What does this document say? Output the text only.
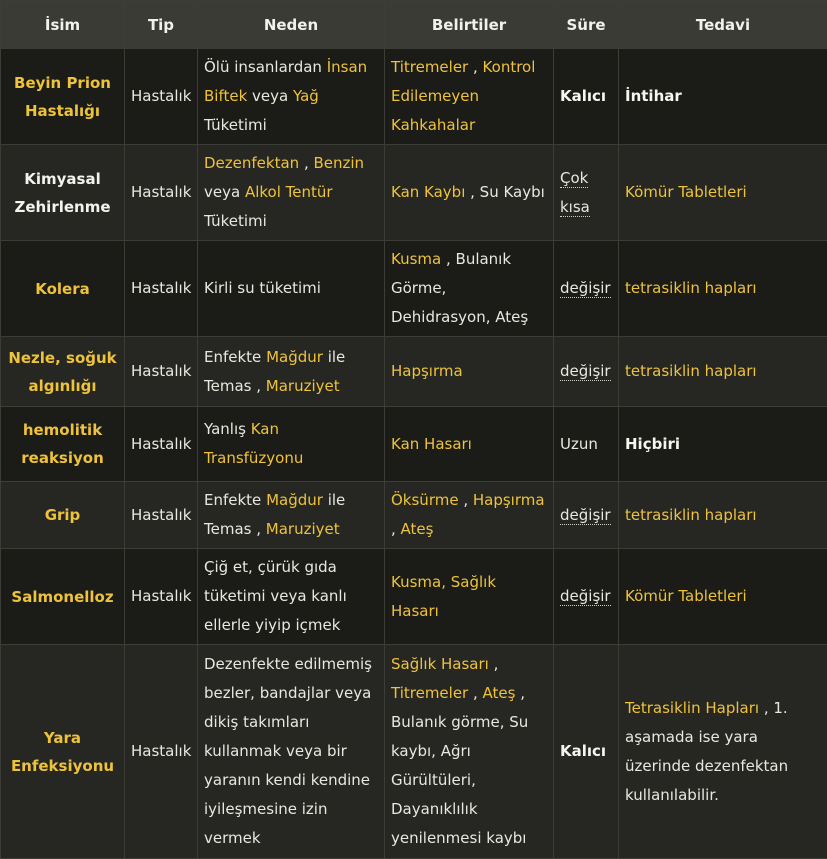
İsim	Tip	Neden	Belirtiler	Süre	Tedavi
Beyin Prion Hastalığı	Hastalık	Ölü insanlardan İnsan Biftek veya Yağ Tüketimi	Titremeler , Kontrol Edilemeyen Kahkahalar	Kalıcı	İntihar
Kimyasal Zehirlenme	Hastalık	Dezenfektan , Benzin veya Alkol Tentür Tüketimi	Kan Kaybı , Su Kaybı	Çok kısa	Kömür Tabletleri
Kolera	Hastalık	Kirli su tüketimi	Kusma , Bulanık Görme, Dehidrasyon, Ateş	değişir	tetrasiklin hapları
Nezle, soğuk algınlığı	Hastalık	Enfekte Mağdur ile Temas , Maruziyet	Hapşırma	değişir	tetrasiklin hapları
hemolitik reaksiyon	Hastalık	Yanlış Kan Transfüzyonu	Kan Hasarı	Uzun	Hiçbiri
Grip	Hastalık	Enfekte Mağdur ile Temas , Maruziyet	Öksürme , Hapşırma , Ateş	değişir	tetrasiklin hapları
Salmonelloz	Hastalık	Çiğ et, çürük gıda tüketimi veya kanlı ellerle yiyip içmek	Kusma, Sağlık Hasarı	değişir	Kömür Tabletleri
Yara Enfeksiyonu	Hastalık	Dezenfekte edilmemiş bezler, bandajlar veya dikiş takımları kullanmak veya bir yaranın kendi kendine iyileşmesine izin vermek	Sağlık Hasarı , Titremeler , Ateş , Bulanık görme, Su kaybı, Ağrı Gürültüleri, Dayanıklılık yenilenmesi kaybı	Kalıcı	Tetrasiklin Hapları , 1. aşamada ise yara üzerinde dezenfektan kullanılabilir.
